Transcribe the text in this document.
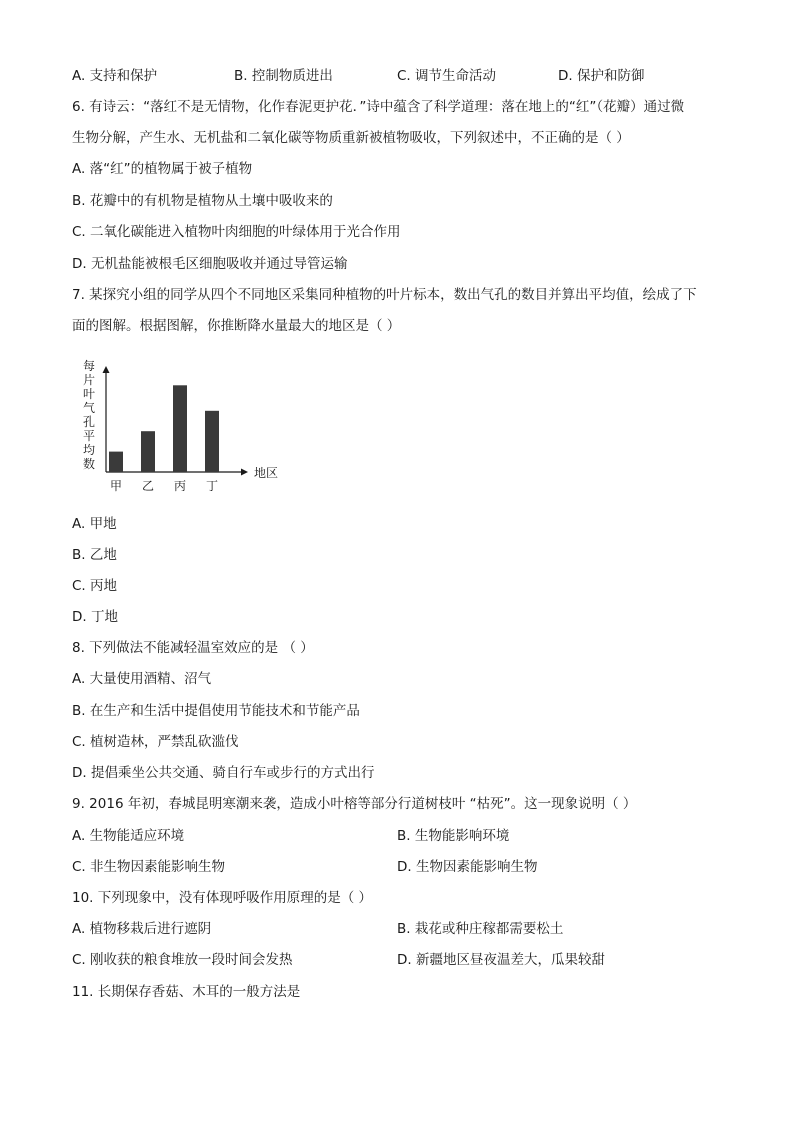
A. 支持和保护	B. 控制物质进出	C. 调节生命活动	D. 保护和防御
6. 有诗云：“落红不是无情物，化作春泥更护花．”诗中蕴含了科学道理：落在地上的“红”（花瓣）通过微
生物分解，产生水、无机盐和二氧化碳等物质重新被植物吸收，下列叙述中，不正确的是（ ）
A. 落“红”的植物属于被子植物
B. 花瓣中的有机物是植物从土壤中吸收来的
C. 二氧化碳能进入植物叶肉细胞的叶绿体用于光合作用
D. 无机盐能被根毛区细胞吸收并通过导管运输
7. 某探究小组的同学从四个不同地区采集同种植物的叶片标本，数出气孔的数目并算出平均值，绘成了下
面的图解。根据图解，你推断降水量最大的地区是（ ）
每
片
叶
气
孔
平
均
数
甲 乙 丙 丁
地区
A. 甲地
B. 乙地
C. 丙地
D. 丁地
8. 下列做法不能减轻温室效应的是 （ ）
A. 大量使用酒精、沼气
B. 在生产和生活中提倡使用节能技术和节能产品
C. 植树造林，严禁乱砍滥伐
D. 提倡乘坐公共交通、骑自行车或步行的方式出行
9. 2016 年初，春城昆明寒潮来袭，造成小叶榕等部分行道树枝叶 “枯死”。这一现象说明（ ）
A. 生物能适应环境	B. 生物能影响环境
C. 非生物因素能影响生物	D. 生物因素能影响生物
10. 下列现象中，没有体现呼吸作用原理的是（ ）
A. 植物移栽后进行遮阴	B. 栽花或种庄稼都需要松土
C. 刚收获的粮食堆放一段时间会发热	D. 新疆地区昼夜温差大，瓜果较甜
11. 长期保存香菇、木耳的一般方法是
